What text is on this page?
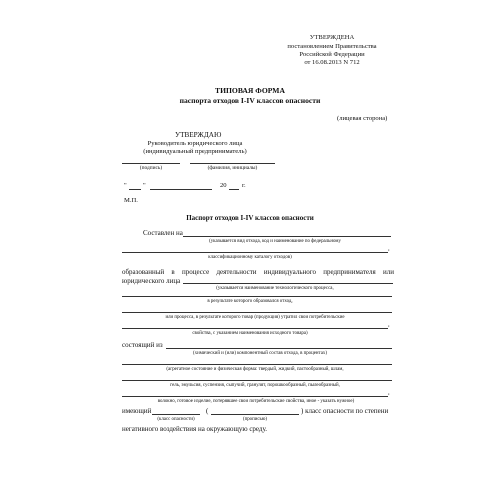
УТВЕРЖДЕНА
постановлением Правительства
Российской Федерации
от 16.08.2013 N 712
ТИПОВАЯ ФОРМА
паспорта отходов I-IV классов опасности
(лицевая сторона)
УТВЕРЖДАЮ
Руководитель юридического лица
(индивидуальный предприниматель)
(подпись)	(фамилия, инициалы)
" "	20 г.
М.П.
Паспорт отходов I-IV классов опасности
Составлен на
(указывается вид отхода, код и наименование по федеральному
,
классификационному каталогу отходов)
образованный в процессе деятельности индивидуального предпринимателя или
юридического лица
(указывается наименование технологического процесса,
в результате которого образовался отход,
или процесса, в результате которого товар (продукция) утратил свои потребительские
,
свойства, с указанием наименования исходного товара)
состоящий из
(химический и (или) компонентный состав отхода, в процентах)
(агрегатное состояние и физическая форма: твердый, жидкий, пастообразный, шлам,
гель, эмульсия, суспензия, сыпучий, гранулят, порошкообразный, пылеобразный,
,
волокно, готовое изделие, потерявшее свои потребительские свойства, иное - указать нужное)
имеющий	(	) класс опасности по степени
(класс опасности)	(прописью)
негативного воздействия на окружающую среду.
